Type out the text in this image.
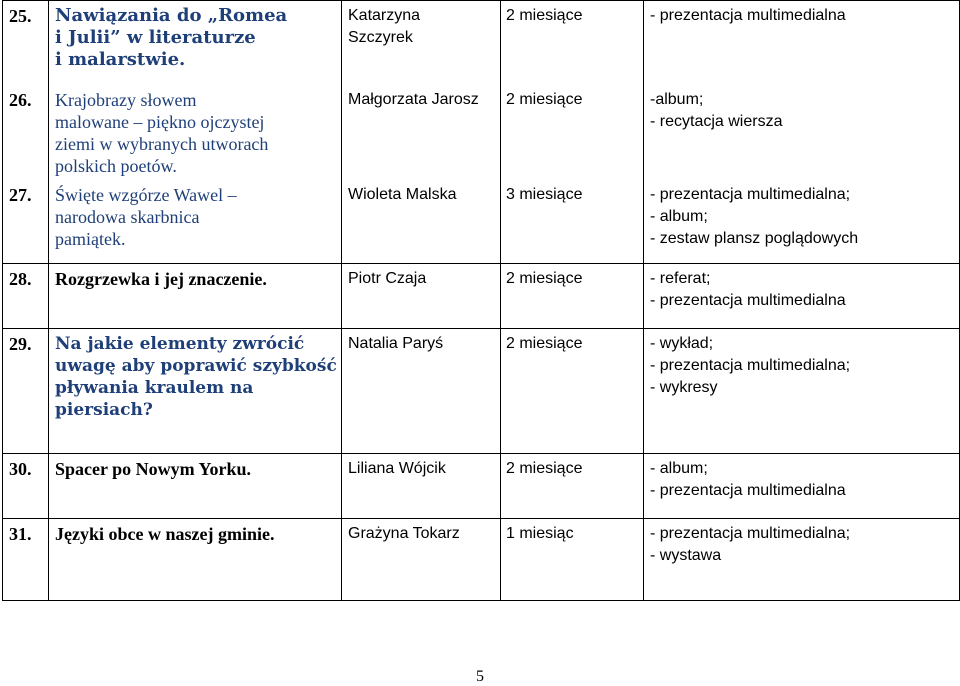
25.	Nawiązania do „Romea
i Julii” w literaturze
i malarstwie.	Katarzyna
Szczyrek	2 miesiące	- prezentacja multimedialna

26.	Krajobrazy słowem
malowane – piękno ojczystej
ziemi w wybranych utworach
polskich poetów.	Małgorzata Jarosz	2 miesiące	-album;
- recytacja wiersza

27.	Święte wzgórze Wawel –
narodowa skarbnica
pamiątek.	Wioleta Malska	3 miesiące	- prezentacja multimedialna;
- album;
- zestaw plansz poglądowych

28.	Rozgrzewka i jej znaczenie.	Piotr Czaja	2 miesiące	- referat;
- prezentacja multimedialna

29.	Na jakie elementy zwrócić
uwagę aby poprawić szybkość
pływania kraulem na
piersiach?	Natalia Paryś	2 miesiące	- wykład;
- prezentacja multimedialna;
- wykresy

30.	Spacer po Nowym Yorku.	Liliana Wójcik	2 miesiące	- album;
- prezentacja multimedialna

31.	Języki obce w naszej gminie.	Grażyna Tokarz	1 miesiąc	- prezentacja multimedialna;
- wystawa
5
